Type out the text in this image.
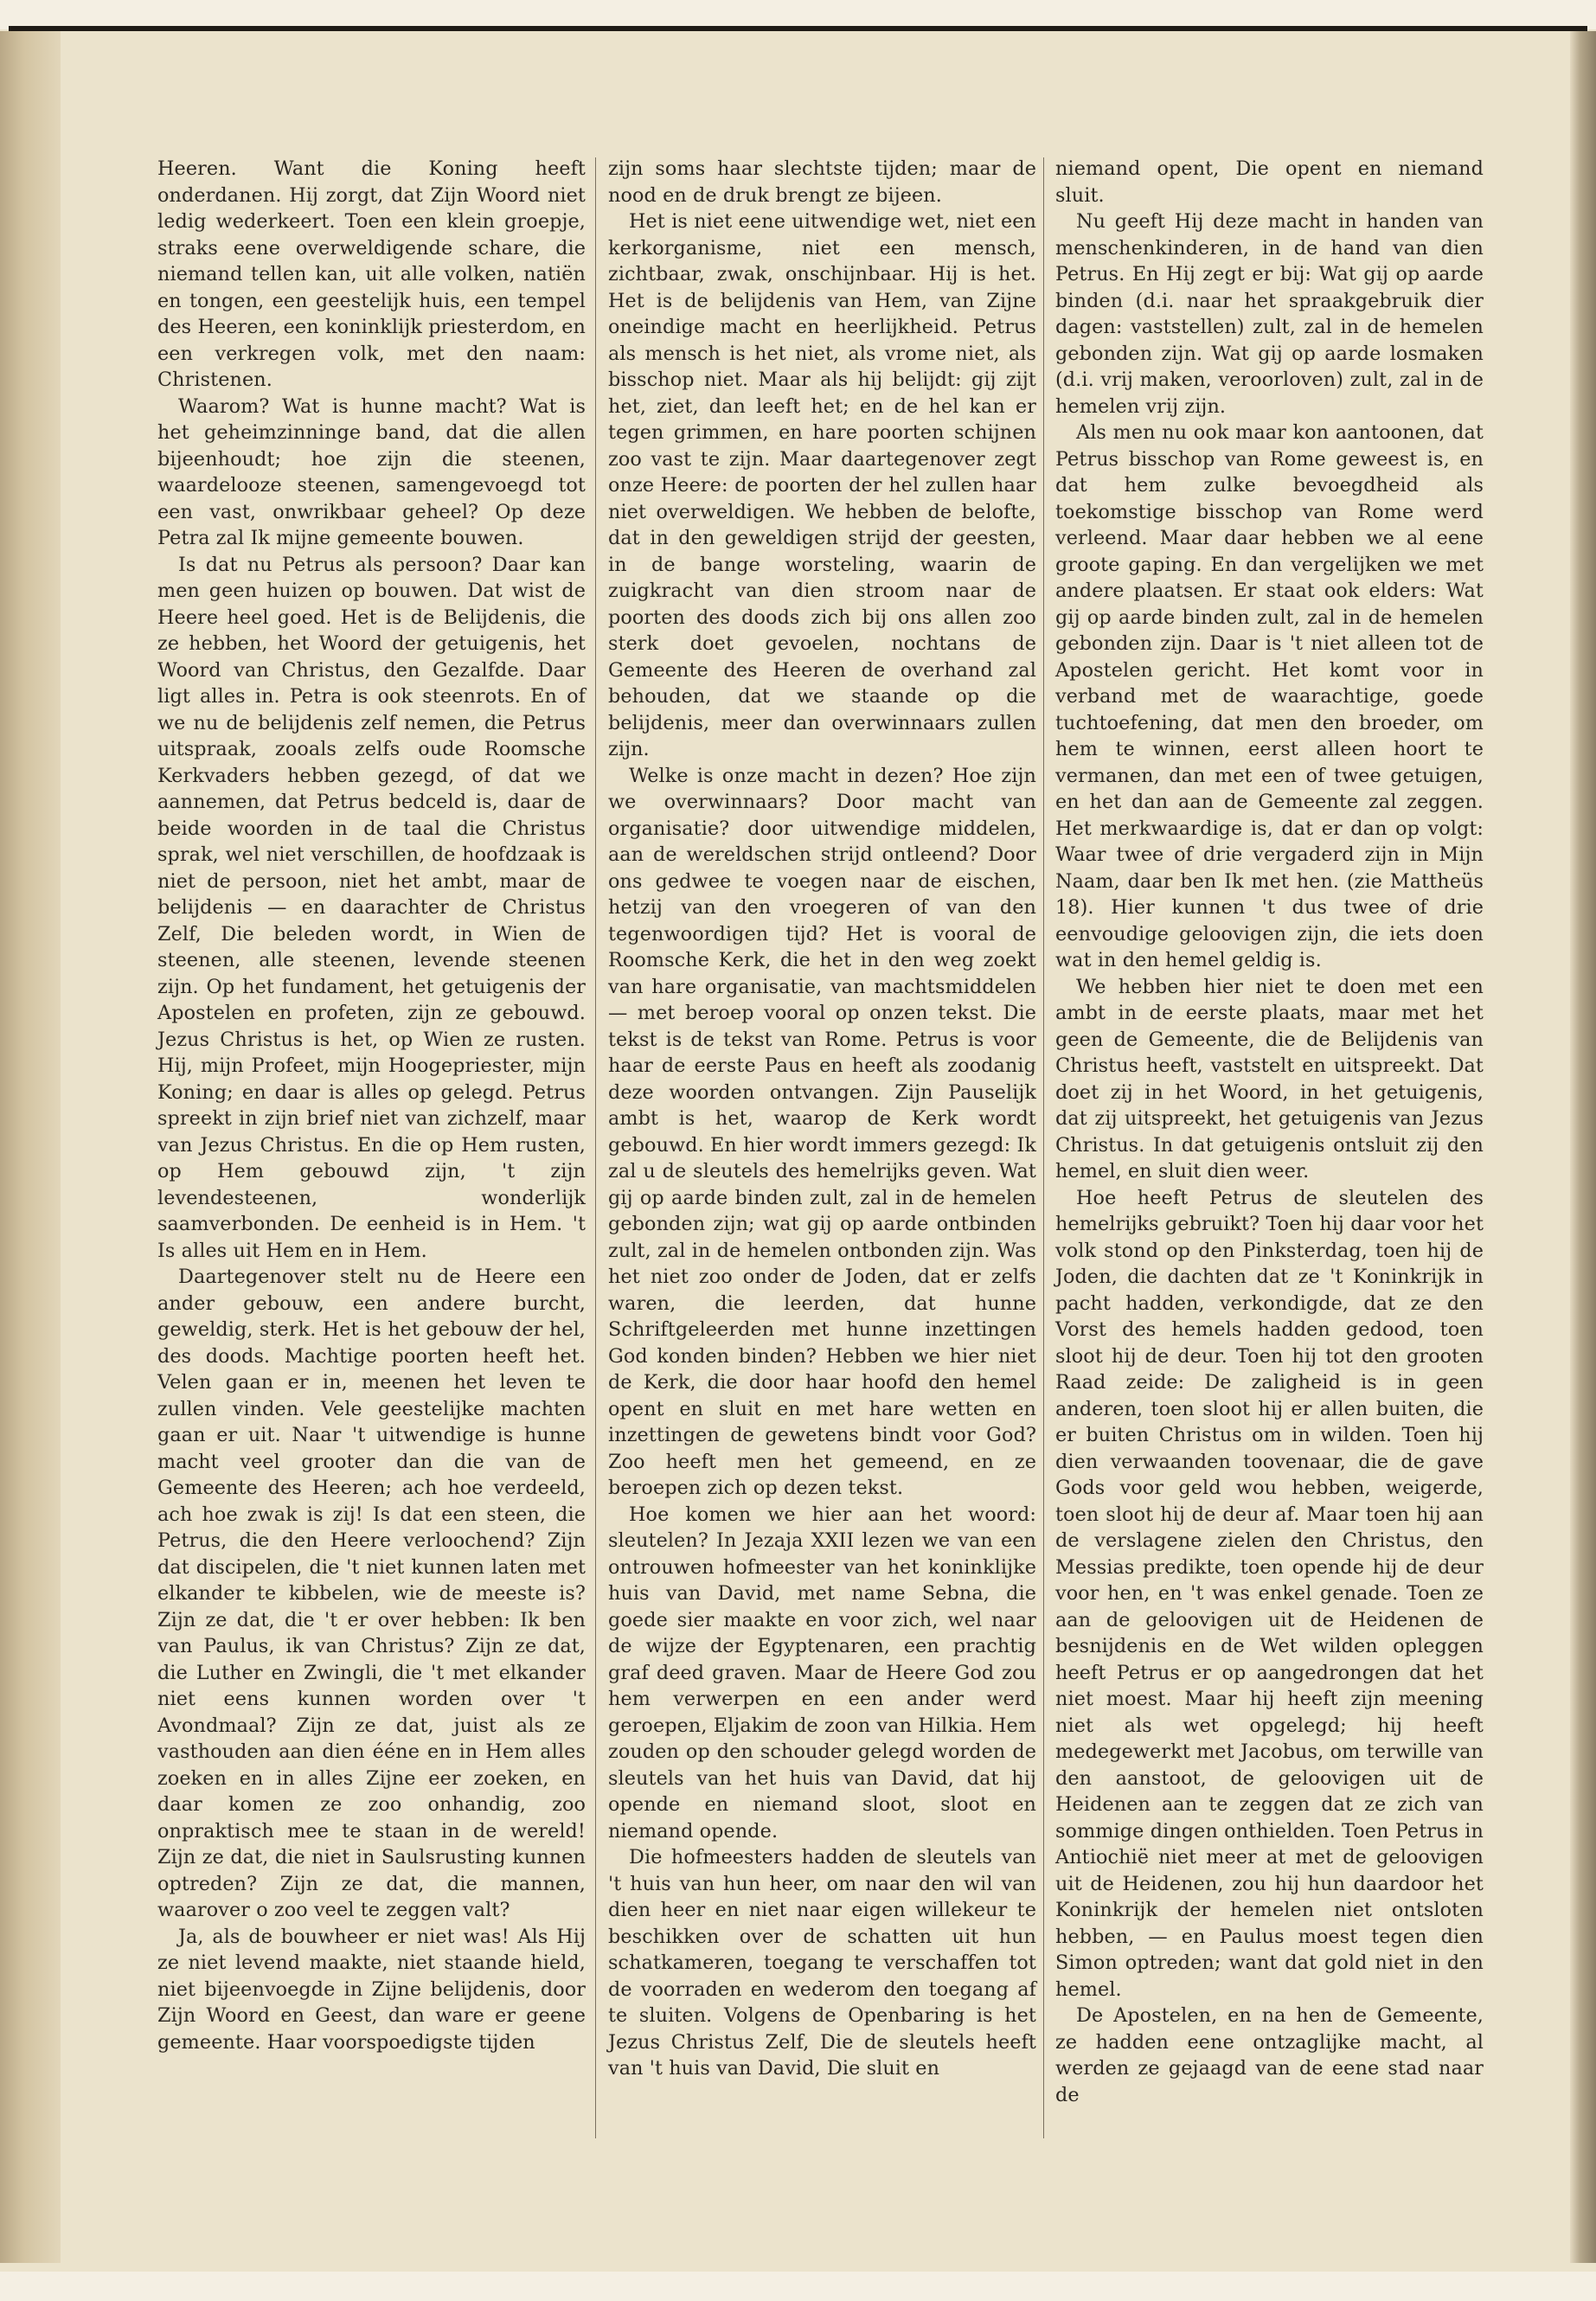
Heeren. Want die Koning heeft onderdanen. Hij zorgt, dat Zijn Woord niet ledig wederkeert. Toen een klein groepje, straks eene overweldigende schare, die niemand tellen kan, uit alle volken, natiën en tongen, een geestelijk huis, een tempel des Heeren, een koninklijk priesterdom, en een verkregen volk, met den naam: Christenen.

Waarom? Wat is hunne macht? Wat is het geheimzinninge band, dat die allen bijeenhoudt; hoe zijn die steenen, waardelooze steenen, samengevoegd tot een vast, onwrikbaar geheel? Op deze Petra zal Ik mijne gemeente bouwen.

Is dat nu Petrus als persoon? Daar kan men geen huizen op bouwen. Dat wist de Heere heel goed. Het is de Belijdenis, die ze hebben, het Woord der getuigenis, het Woord van Christus, den Gezalfde. Daar ligt alles in. Petra is ook steenrots. En of we nu de belijdenis zelf nemen, die Petrus uitspraak, zooals zelfs oude Roomsche Kerkvaders hebben gezegd, of dat we aannemen, dat Petrus bedceld is, daar de beide woorden in de taal die Christus sprak, wel niet verschillen, de hoofdzaak is niet de persoon, niet het ambt, maar de belijdenis — en daarachter de Christus Zelf, Die beleden wordt, in Wien de steenen, alle steenen, levende steenen zijn. Op het fundament, het getuigenis der Apostelen en profeten, zijn ze gebouwd. Jezus Christus is het, op Wien ze rusten. Hij, mijn Profeet, mijn Hoogepriester, mijn Koning; en daar is alles op gelegd. Petrus spreekt in zijn brief niet van zichzelf, maar van Jezus Christus. En die op Hem rusten, op Hem gebouwd zijn, 't zijn levendesteenen, wonderlijk saamverbonden. De eenheid is in Hem. 't Is alles uit Hem en in Hem.

Daartegenover stelt nu de Heere een ander gebouw, een andere burcht, geweldig, sterk. Het is het gebouw der hel, des doods. Machtige poorten heeft het. Velen gaan er in, meenen het leven te zullen vinden. Vele geestelijke machten gaan er uit. Naar 't uitwendige is hunne macht veel grooter dan die van de Gemeente des Heeren; ach hoe verdeeld, ach hoe zwak is zij! Is dat een steen, die Petrus, die den Heere verloochend? Zijn dat discipelen, die 't niet kunnen laten met elkander te kibbelen, wie de meeste is? Zijn ze dat, die 't er over hebben: Ik ben van Paulus, ik van Christus? Zijn ze dat, die Luther en Zwingli, die 't met elkander niet eens kunnen worden over 't Avondmaal? Zijn ze dat, juist als ze vasthouden aan dien ééne en in Hem alles zoeken en in alles Zijne eer zoeken, en daar komen ze zoo onhandig, zoo onpraktisch mee te staan in de wereld! Zijn ze dat, die niet in Saulsrusting kunnen optreden? Zijn ze dat, die mannen, waarover o zoo veel te zeggen valt?

Ja, als de bouwheer er niet was! Als Hij ze niet levend maakte, niet staande hield, niet bijeenvoegde in Zijne belijdenis, door Zijn Woord en Geest, dan ware er geene gemeente. Haar voorspoedigste tijden

zijn soms haar slechtste tijden; maar de nood en de druk brengt ze bijeen.

Het is niet eene uitwendige wet, niet een kerkorganisme, niet een mensch, zichtbaar, zwak, onschijnbaar. Hij is het. Het is de belijdenis van Hem, van Zijne oneindige macht en heerlijkheid. Petrus als mensch is het niet, als vrome niet, als bisschop niet. Maar als hij belijdt: gij zijt het, ziet, dan leeft het; en de hel kan er tegen grimmen, en hare poorten schijnen zoo vast te zijn. Maar daartegenover zegt onze Heere: de poorten der hel zullen haar niet overweldigen. We hebben de belofte, dat in den geweldigen strijd der geesten, in de bange worsteling, waarin de zuigkracht van dien stroom naar de poorten des doods zich bij ons allen zoo sterk doet gevoelen, nochtans de Gemeente des Heeren de overhand zal behouden, dat we staande op die belijdenis, meer dan overwinnaars zullen zijn.

Welke is onze macht in dezen? Hoe zijn we overwinnaars? Door macht van organisatie? door uitwendige middelen, aan de wereldschen strijd ontleend? Door ons gedwee te voegen naar de eischen, hetzij van den vroegeren of van den tegenwoordigen tijd? Het is vooral de Roomsche Kerk, die het in den weg zoekt van hare organisatie, van machtsmiddelen — met beroep vooral op onzen tekst. Die tekst is de tekst van Rome. Petrus is voor haar de eerste Paus en heeft als zoodanig deze woorden ontvangen. Zijn Pauselijk ambt is het, waarop de Kerk wordt gebouwd. En hier wordt immers gezegd: Ik zal u de sleutels des hemelrijks geven. Wat gij op aarde binden zult, zal in de hemelen gebonden zijn; wat gij op aarde ontbinden zult, zal in de hemelen ontbonden zijn. Was het niet zoo onder de Joden, dat er zelfs waren, die leerden, dat hunne Schriftgeleerden met hunne inzettingen God konden binden? Hebben we hier niet de Kerk, die door haar hoofd den hemel opent en sluit en met hare wetten en inzettingen de gewetens bindt voor God? Zoo heeft men het gemeend, en ze beroepen zich op dezen tekst.

Hoe komen we hier aan het woord: sleutelen? In Jezaja XXII lezen we van een ontrouwen hofmeester van het koninklijke huis van David, met name Sebna, die goede sier maakte en voor zich, wel naar de wijze der Egyptenaren, een prachtig graf deed graven. Maar de Heere God zou hem verwerpen en een ander werd geroepen, Eljakim de zoon van Hilkia. Hem zouden op den schouder gelegd worden de sleutels van het huis van David, dat hij opende en niemand sloot, sloot en niemand opende.

Die hofmeesters hadden de sleutels van 't huis van hun heer, om naar den wil van dien heer en niet naar eigen willekeur te beschikken over de schatten uit hun schatkameren, toegang te verschaffen tot de voorraden en wederom den toegang af te sluiten. Volgens de Openbaring is het Jezus Christus Zelf, Die de sleutels heeft van 't huis van David, Die sluit en

niemand opent, Die opent en niemand sluit.

Nu geeft Hij deze macht in handen van menschenkinderen, in de hand van dien Petrus. En Hij zegt er bij: Wat gij op aarde binden (d.i. naar het spraakgebruik dier dagen: vaststellen) zult, zal in de hemelen gebonden zijn. Wat gij op aarde losmaken (d.i. vrij maken, veroorloven) zult, zal in de hemelen vrij zijn.

Als men nu ook maar kon aantoonen, dat Petrus bisschop van Rome geweest is, en dat hem zulke bevoegdheid als toekomstige bisschop van Rome werd verleend. Maar daar hebben we al eene groote gaping. En dan vergelijken we met andere plaatsen. Er staat ook elders: Wat gij op aarde binden zult, zal in de hemelen gebonden zijn. Daar is 't niet alleen tot de Apostelen gericht. Het komt voor in verband met de waarachtige, goede tuchtoefening, dat men den broeder, om hem te winnen, eerst alleen hoort te vermanen, dan met een of twee getuigen, en het dan aan de Gemeente zal zeggen. Het merkwaardige is, dat er dan op volgt: Waar twee of drie vergaderd zijn in Mijn Naam, daar ben Ik met hen. (zie Mattheüs 18). Hier kunnen 't dus twee of drie eenvoudige geloovigen zijn, die iets doen wat in den hemel geldig is.

We hebben hier niet te doen met een ambt in de eerste plaats, maar met het geen de Gemeente, die de Belijdenis van Christus heeft, vaststelt en uitspreekt. Dat doet zij in het Woord, in het getuigenis, dat zij uitspreekt, het getuigenis van Jezus Christus. In dat getuigenis ontsluit zij den hemel, en sluit dien weer.

Hoe heeft Petrus de sleutelen des hemelrijks gebruikt? Toen hij daar voor het volk stond op den Pinksterdag, toen hij de Joden, die dachten dat ze 't Koninkrijk in pacht hadden, verkondigde, dat ze den Vorst des hemels hadden gedood, toen sloot hij de deur. Toen hij tot den grooten Raad zeide: De zaligheid is in geen anderen, toen sloot hij er allen buiten, die er buiten Christus om in wilden. Toen hij dien verwaanden toovenaar, die de gave Gods voor geld wou hebben, weigerde, toen sloot hij de deur af. Maar toen hij aan de verslagene zielen den Christus, den Messias predikte, toen opende hij de deur voor hen, en 't was enkel genade. Toen ze aan de geloovigen uit de Heidenen de besnijdenis en de Wet wilden opleggen heeft Petrus er op aangedrongen dat het niet moest. Maar hij heeft zijn meening niet als wet opgelegd; hij heeft medegewerkt met Jacobus, om terwille van den aanstoot, de geloovigen uit de Heidenen aan te zeggen dat ze zich van sommige dingen onthielden. Toen Petrus in Antiochië niet meer at met de geloovigen uit de Heidenen, zou hij hun daardoor het Koninkrijk der hemelen niet ontsloten hebben, — en Paulus moest tegen dien Simon optreden; want dat gold niet in den hemel.

De Apostelen, en na hen de Gemeente, ze hadden eene ontzaglijke macht, al werden ze gejaagd van de eene stad naar de
